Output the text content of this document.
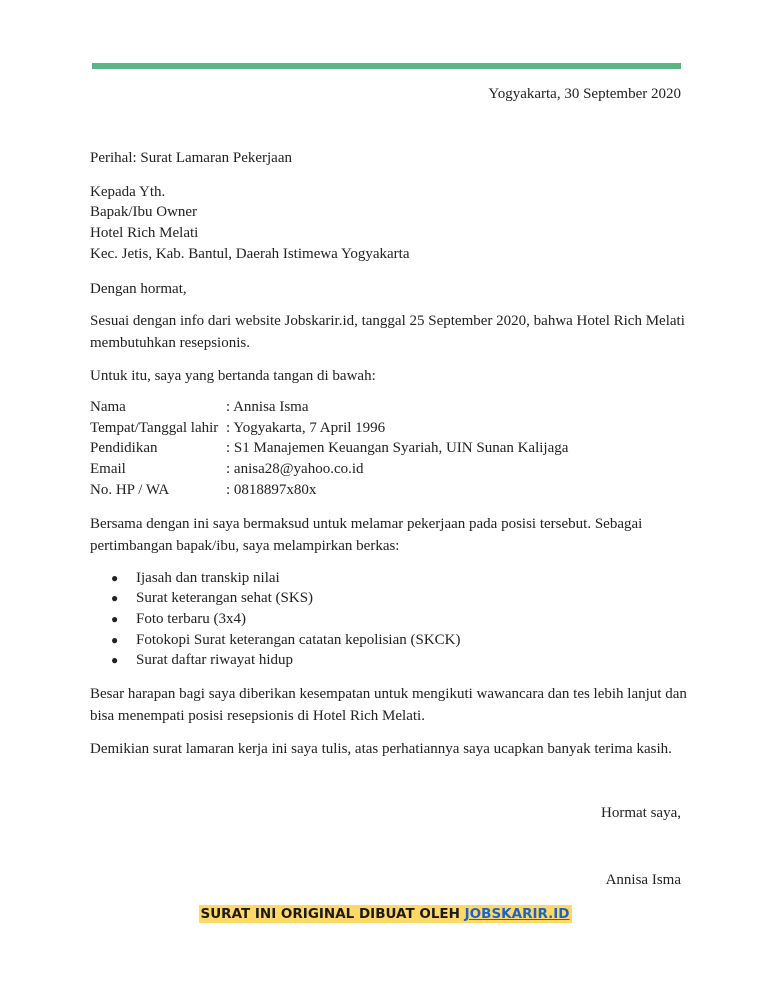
Yogyakarta, 30 September 2020
Perihal: Surat Lamaran Pekerjaan
Kepada Yth.
Bapak/Ibu Owner
Hotel Rich Melati
Kec. Jetis, Kab. Bantul, Daerah Istimewa Yogyakarta
Dengan hormat,
Sesuai dengan info dari website Jobskarir.id, tanggal 25 September 2020, bahwa Hotel Rich Melati membutuhkan resepsionis.
Untuk itu, saya yang bertanda tangan di bawah:
Nama	: Annisa Isma
Tempat/Tanggal lahir : Yogyakarta, 7 April 1996
Pendidikan	: S1 Manajemen Keuangan Syariah, UIN Sunan Kalijaga
Email	: anisa28@yahoo.co.id
No. HP / WA	: 0818897x80x
Bersama dengan ini saya bermaksud untuk melamar pekerjaan pada posisi tersebut. Sebagai pertimbangan bapak/ibu, saya melampirkan berkas:
● Ijasah dan transkip nilai
● Surat keterangan sehat (SKS)
● Foto terbaru (3x4)
● Fotokopi Surat keterangan catatan kepolisian (SKCK)
● Surat daftar riwayat hidup
Besar harapan bagi saya diberikan kesempatan untuk mengikuti wawancara dan tes lebih lanjut dan bisa menempati posisi resepsionis di Hotel Rich Melati.
Demikian surat lamaran kerja ini saya tulis, atas perhatiannya saya ucapkan banyak terima kasih.
Hormat saya,
Annisa Isma
SURAT INI ORIGINAL DIBUAT OLEH JOBSKARIR.ID
